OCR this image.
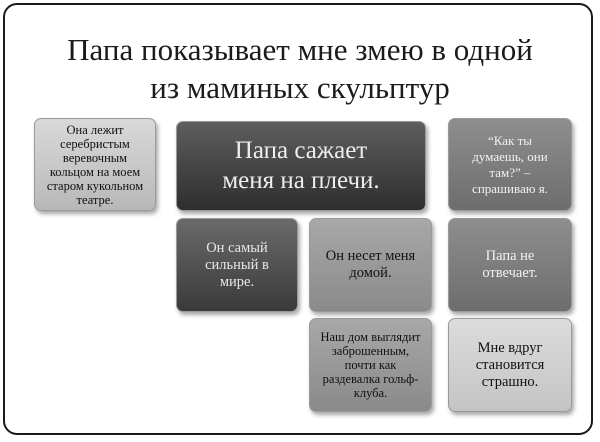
Папа показывает мне змею в одной
из маминых скульптур
Она лежит серебристым веревочным кольцом на моем старом кукольном театре.
Папа сажает меня на плечи.
“Как ты думаешь, они там?” – спрашиваю я.
Он самый сильный в мире.
Он несет меня домой.
Папа не отвечает.
Наш дом выглядит заброшенным, почти как раздевалка гольф-клуба.
Мне вдруг становится страшно.
